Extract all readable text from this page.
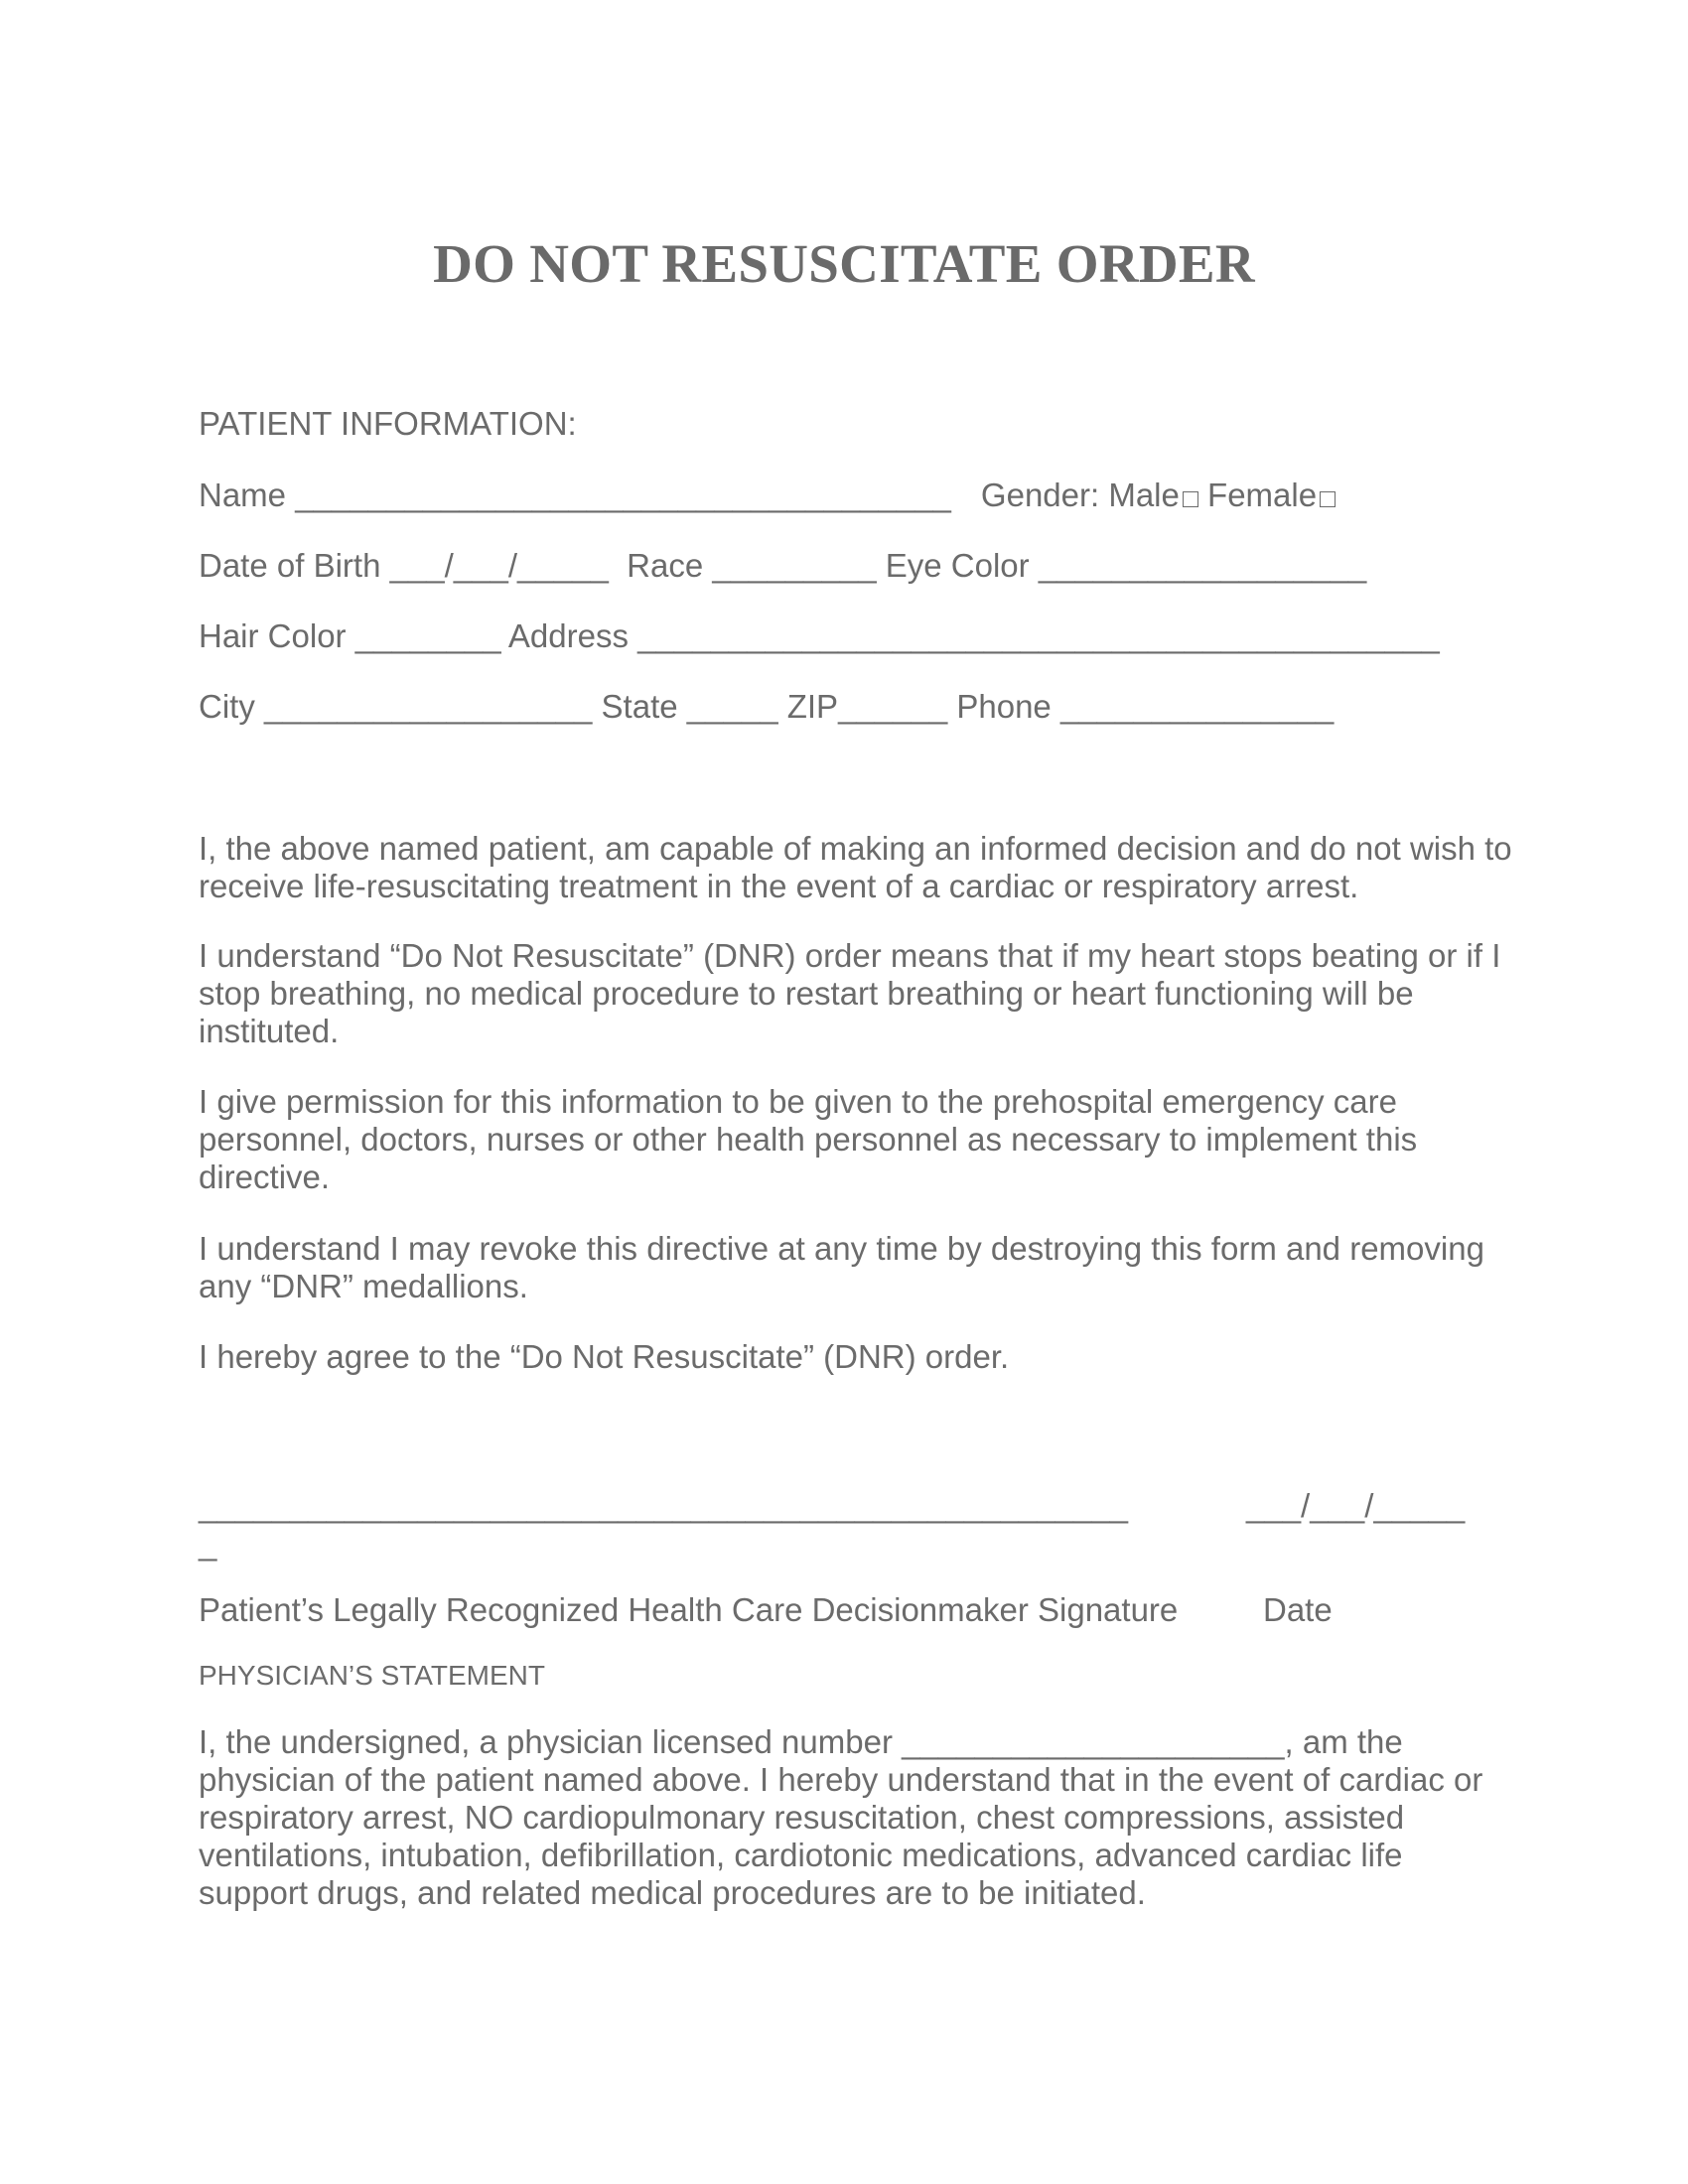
DO NOT RESUSCITATE ORDER
PATIENT INFORMATION:
Name ____________________________________ Gender: Male Female
Date of Birth ___/___/_____ Race _________ Eye Color __________________
Hair Color ________ Address ____________________________________________
City __________________ State _____ ZIP______ Phone _______________

I, the above named patient, am capable of making an informed decision and do not wish to receive life-resuscitating treatment in the event of a cardiac or respiratory arrest.

I understand “Do Not Resuscitate” (DNR) order means that if my heart stops beating or if I stop breathing, no medical procedure to restart breathing or heart functioning will be instituted.

I give permission for this information to be given to the prehospital emergency care personnel, doctors, nurses or other health personnel as necessary to implement this directive.

I understand I may revoke this directive at any time by destroying this form and removing any “DNR” medallions.

I hereby agree to the “Do Not Resuscitate” (DNR) order.

___________________________________________________	___/___/_____
_
Patient’s Legally Recognized Health Care Decisionmaker Signature	Date
PHYSICIAN’S STATEMENT

I, the undersigned, a physician licensed number _____________________, am the physician of the patient named above. I hereby understand that in the event of cardiac or respiratory arrest, NO cardiopulmonary resuscitation, chest compressions, assisted ventilations, intubation, defibrillation, cardiotonic medications, advanced cardiac life support drugs, and related medical procedures are to be initiated.
